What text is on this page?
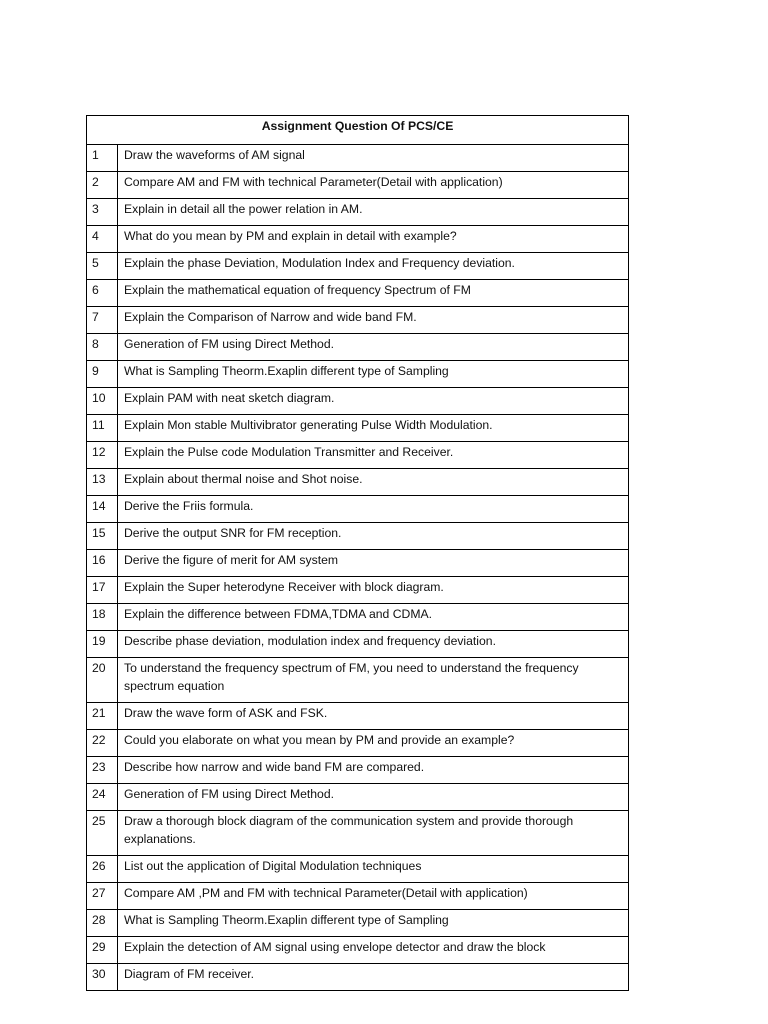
Assignment Question Of PCS/CE	
1	Draw the waveforms of AM signal
2	Compare AM and FM with technical Parameter(Detail with application)
3	Explain in detail all the power relation in AM.
4	What do you mean by PM and explain in detail with example?
5	Explain the phase Deviation, Modulation Index and Frequency deviation.
6	Explain the mathematical equation of frequency Spectrum of FM
7	Explain the Comparison of Narrow and wide band FM.
8	Generation of FM using Direct Method.
9	What is Sampling Theorm.Exaplin different type of Sampling
10	Explain PAM with neat sketch diagram.
11	Explain Mon stable Multivibrator generating Pulse Width Modulation.
12	Explain the Pulse code Modulation Transmitter and Receiver.
13	Explain about thermal noise and Shot noise.
14	Derive the Friis formula.
15	Derive the output SNR for FM reception.
16	Derive the figure of merit for AM system
17	Explain the Super heterodyne Receiver with block diagram.
18	Explain the difference between FDMA,TDMA and CDMA.
19	Describe phase deviation, modulation index and frequency deviation.
20	To understand the frequency spectrum of FM, you need to understand the frequency spectrum equation
21	Draw the wave form of ASK and FSK.
22	Could you elaborate on what you mean by PM and provide an example?
23	Describe how narrow and wide band FM are compared.
24	Generation of FM using Direct Method.
25	Draw a thorough block diagram of the communication system and provide thorough explanations.
26	List out the application of Digital Modulation techniques
27	Compare AM ,PM and FM with technical Parameter(Detail with application)
28	What is Sampling Theorm.Exaplin different type of Sampling
29	Explain the detection of AM signal using envelope detector and draw the block
30	Diagram of FM receiver.
